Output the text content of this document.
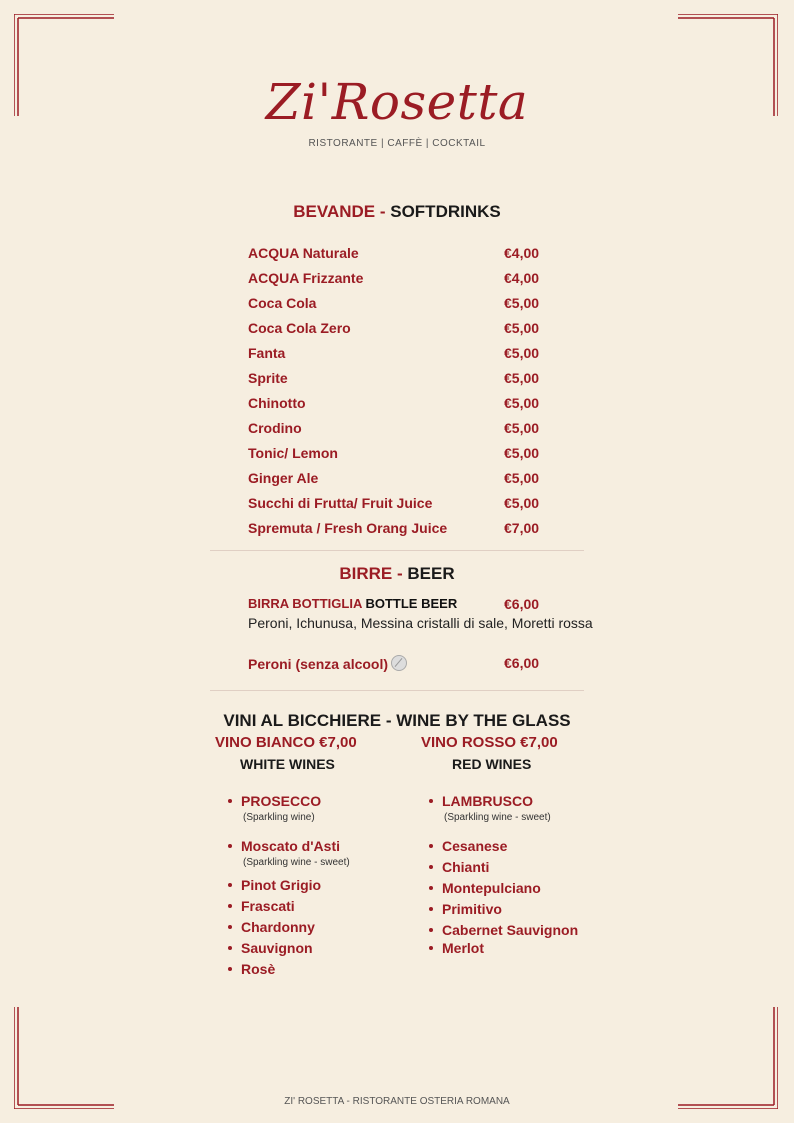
Zi'Rosetta
RISTORANTE | CAFFÈ | COCKTAIL
BEVANDE - SOFTDRINKS
ACQUA Naturale	€4,00
ACQUA Frizzante	€4,00
Coca Cola	€5,00
Coca Cola Zero	€5,00
Fanta	€5,00
Sprite	€5,00
Chinotto	€5,00
Crodino	€5,00
Tonic/ Lemon	€5,00
Ginger Ale	€5,00
Succhi di Frutta/ Fruit Juice	€5,00
Spremuta / Fresh Orang Juice	€7,00
BIRRE - BEER
BIRRA BOTTIGLIA BOTTLE BEER	€6,00
Peroni, Ichunusa, Messina cristalli di sale, Moretti rossa
Peroni (senza alcool)	€6,00
VINI AL BICCHIERE - WINE BY THE GLASS
VINO BIANCO €7,00
WHITE WINES
VINO ROSSO €7,00
RED WINES
PROSECCO
(Sparkling wine)
Moscato d'Asti
(Sparkling wine - sweet)
Pinot Grigio
Frascati
Chardonny
Sauvignon
Rosè
LAMBRUSCO
(Sparkling wine - sweet)
Cesanese
Chianti
Montepulciano
Primitivo
Cabernet Sauvignon
Merlot
ZI' ROSETTA - RISTORANTE OSTERIA ROMANA
